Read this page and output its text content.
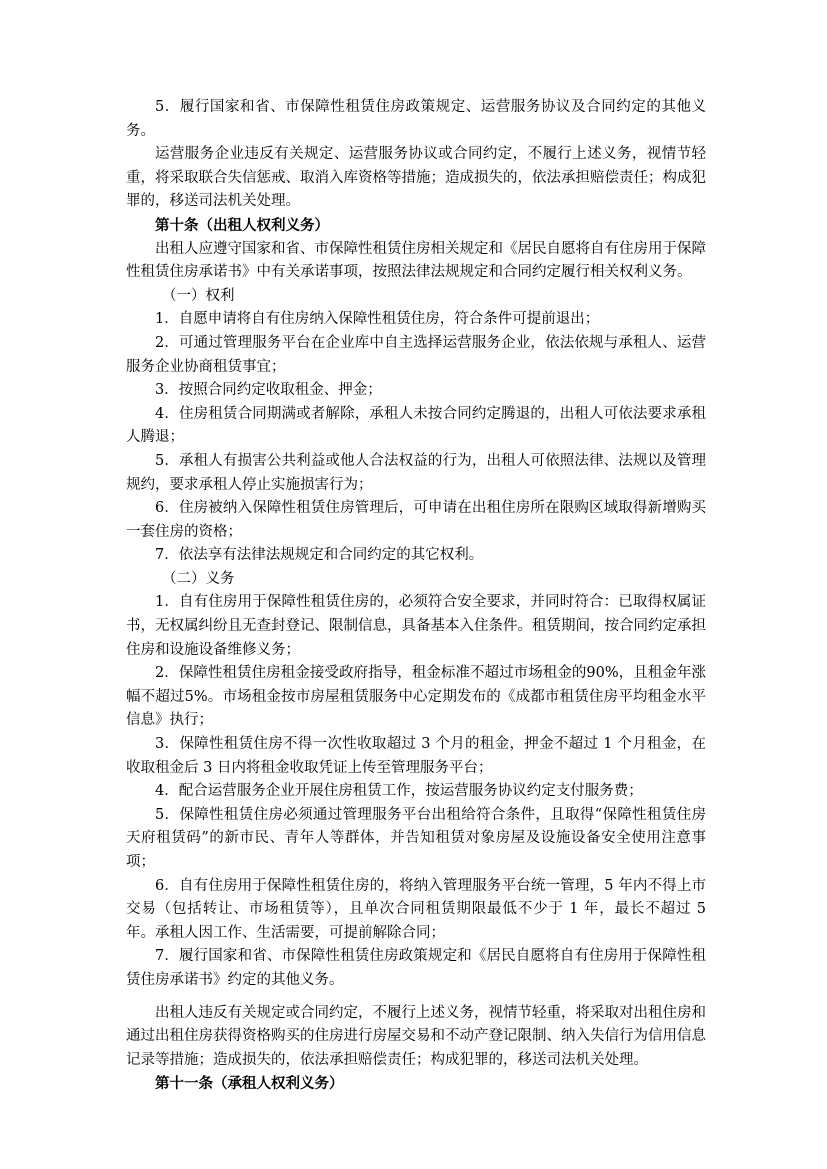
5．履行国家和省、市保障性租赁住房政策规定、运营服务协议及合同约定的其他义务。

运营服务企业违反有关规定、运营服务协议或合同约定，不履行上述义务，视情节轻重，将采取联合失信惩戒、取消入库资格等措施；造成损失的，依法承担赔偿责任；构成犯罪的，移送司法机关处理。

第十条（出租人权利义务）

出租人应遵守国家和省、市保障性租赁住房相关规定和《居民自愿将自有住房用于保障性租赁住房承诺书》中有关承诺事项，按照法律法规规定和合同约定履行相关权利义务。

（一）权利

1．自愿申请将自有住房纳入保障性租赁住房，符合条件可提前退出；

2．可通过管理服务平台在企业库中自主选择运营服务企业，依法依规与承租人、运营服务企业协商租赁事宜；

3．按照合同约定收取租金、押金；

4．住房租赁合同期满或者解除，承租人未按合同约定腾退的，出租人可依法要求承租人腾退；

5．承租人有损害公共利益或他人合法权益的行为，出租人可依照法律、法规以及管理规约，要求承租人停止实施损害行为；

6．住房被纳入保障性租赁住房管理后，可申请在出租住房所在限购区域取得新增购买一套住房的资格；

7．依法享有法律法规规定和合同约定的其它权利。

（二）义务

1．自有住房用于保障性租赁住房的，必须符合安全要求，并同时符合：已取得权属证书，无权属纠纷且无查封登记、限制信息，具备基本入住条件。租赁期间，按合同约定承担住房和设施设备维修义务；

2．保障性租赁住房租金接受政府指导，租金标准不超过市场租金的90%，且租金年涨幅不超过5%。市场租金按市房屋租赁服务中心定期发布的《成都市租赁住房平均租金水平信息》执行；

3．保障性租赁住房不得一次性收取超过 3 个月的租金，押金不超过 1 个月租金，在收取租金后 3 日内将租金收取凭证上传至管理服务平台；

4．配合运营服务企业开展住房租赁工作，按运营服务协议约定支付服务费；

5．保障性租赁住房必须通过管理服务平台出租给符合条件，且取得“保障性租赁住房天府租赁码”的新市民、青年人等群体，并告知租赁对象房屋及设施设备安全使用注意事项；

6．自有住房用于保障性租赁住房的，将纳入管理服务平台统一管理，5 年内不得上市交易（包括转让、市场租赁等），且单次合同租赁期限最低不少于 1 年，最长不超过 5 年。承租人因工作、生活需要，可提前解除合同；

7．履行国家和省、市保障性租赁住房政策规定和《居民自愿将自有住房用于保障性租赁住房承诺书》约定的其他义务。

出租人违反有关规定或合同约定，不履行上述义务，视情节轻重，将采取对出租住房和通过出租住房获得资格购买的住房进行房屋交易和不动产登记限制、纳入失信行为信用信息记录等措施；造成损失的，依法承担赔偿责任；构成犯罪的，移送司法机关处理。

第十一条（承租人权利义务）
